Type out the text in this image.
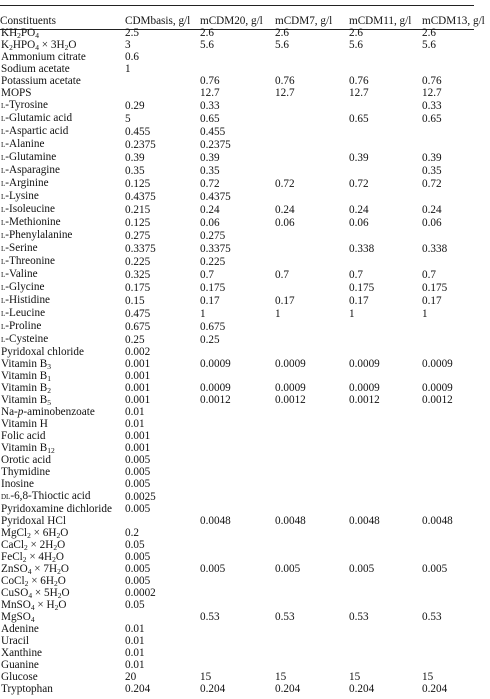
Constituents	CDMbasis, g/l	mCDM20, g/l	mCDM7, g/l	mCDM11, g/l	mCDM13, g/l
$KH_2PO_4$	2.5	2.6	2.6	2.6	2.6
$K_2HPO_4 \times 3H_2O$	3	5.6	5.6	5.6	5.6
Ammonium citrate	0.6				
Sodium acetate	1				
Potassium acetate		0.76	0.76	0.76	0.76
MOPS		12.7	12.7	12.7	12.7
l-Tyrosine	0.29	0.33			0.33
l-Glutamic acid	5	0.65		0.65	0.65
l-Aspartic acid	0.455	0.455			
l-Alanine	0.2375	0.2375			
l-Glutamine	0.39	0.39		0.39	0.39
l-Asparagine	0.35	0.35			0.35
l-Arginine	0.125	0.72	0.72	0.72	0.72
l-Lysine	0.4375	0.4375			
l-Isoleucine	0.215	0.24	0.24	0.24	0.24
l-Methionine	0.125	0.06	0.06	0.06	0.06
l-Phenylalanine	0.275	0.275			
l-Serine	0.3375	0.3375		0.338	0.338
l-Threonine	0.225	0.225			
l-Valine	0.325	0.7	0.7	0.7	0.7
l-Glycine	0.175	0.175		0.175	0.175
l-Histidine	0.15	0.17	0.17	0.17	0.17
l-Leucine	0.475	1	1	1	1
l-Proline	0.675	0.675			
l-Cysteine	0.25	0.25			
Pyridoxal chloride	0.002				
Vitamin $B_3$	0.001	0.0009	0.0009	0.0009	0.0009
Vitamin $B_1$	0.001				
Vitamin $B_2$	0.001	0.0009	0.0009	0.0009	0.0009
Vitamin $B_5$	0.001	0.0012	0.0012	0.0012	0.0012
Na-p-aminobenzoate	0.01				
Vitamin H	0.01				
Folic acid	0.001				
Vitamin $B_{12}$	0.001				
Orotic acid	0.005				
Thymidine	0.005				
Inosine	0.005				
dl-6,8-Thioctic acid	0.0025				
Pyridoxamine dichloride	0.005				
Pyridoxal HCl		0.0048	0.0048	0.0048	0.0048
MgCl$_2$ × $6H_2O$	0.2				
CaCl$_2$ × $2H_2O$	0.05				
FeCl$_2$ × $4H_2O$	0.005				
ZnSO$_4$ × $7H_2O$	0.005	0.005	0.005	0.005	0.005
CoCl$_2$ × $6H_2O$	0.005				
CuSO$_4$ × $5H_2O$	0.0002				
MnSO$_4$ × $H_2O$	0.05				
MgSO$_4$		0.53	0.53	0.53	0.53
Adenine	0.01				
Uracil	0.01				
Xanthine	0.01				
Guanine	0.01				
Glucose	20	15	15	15	15
Tryptophan	0.204	0.204	0.204	0.204	0.204
